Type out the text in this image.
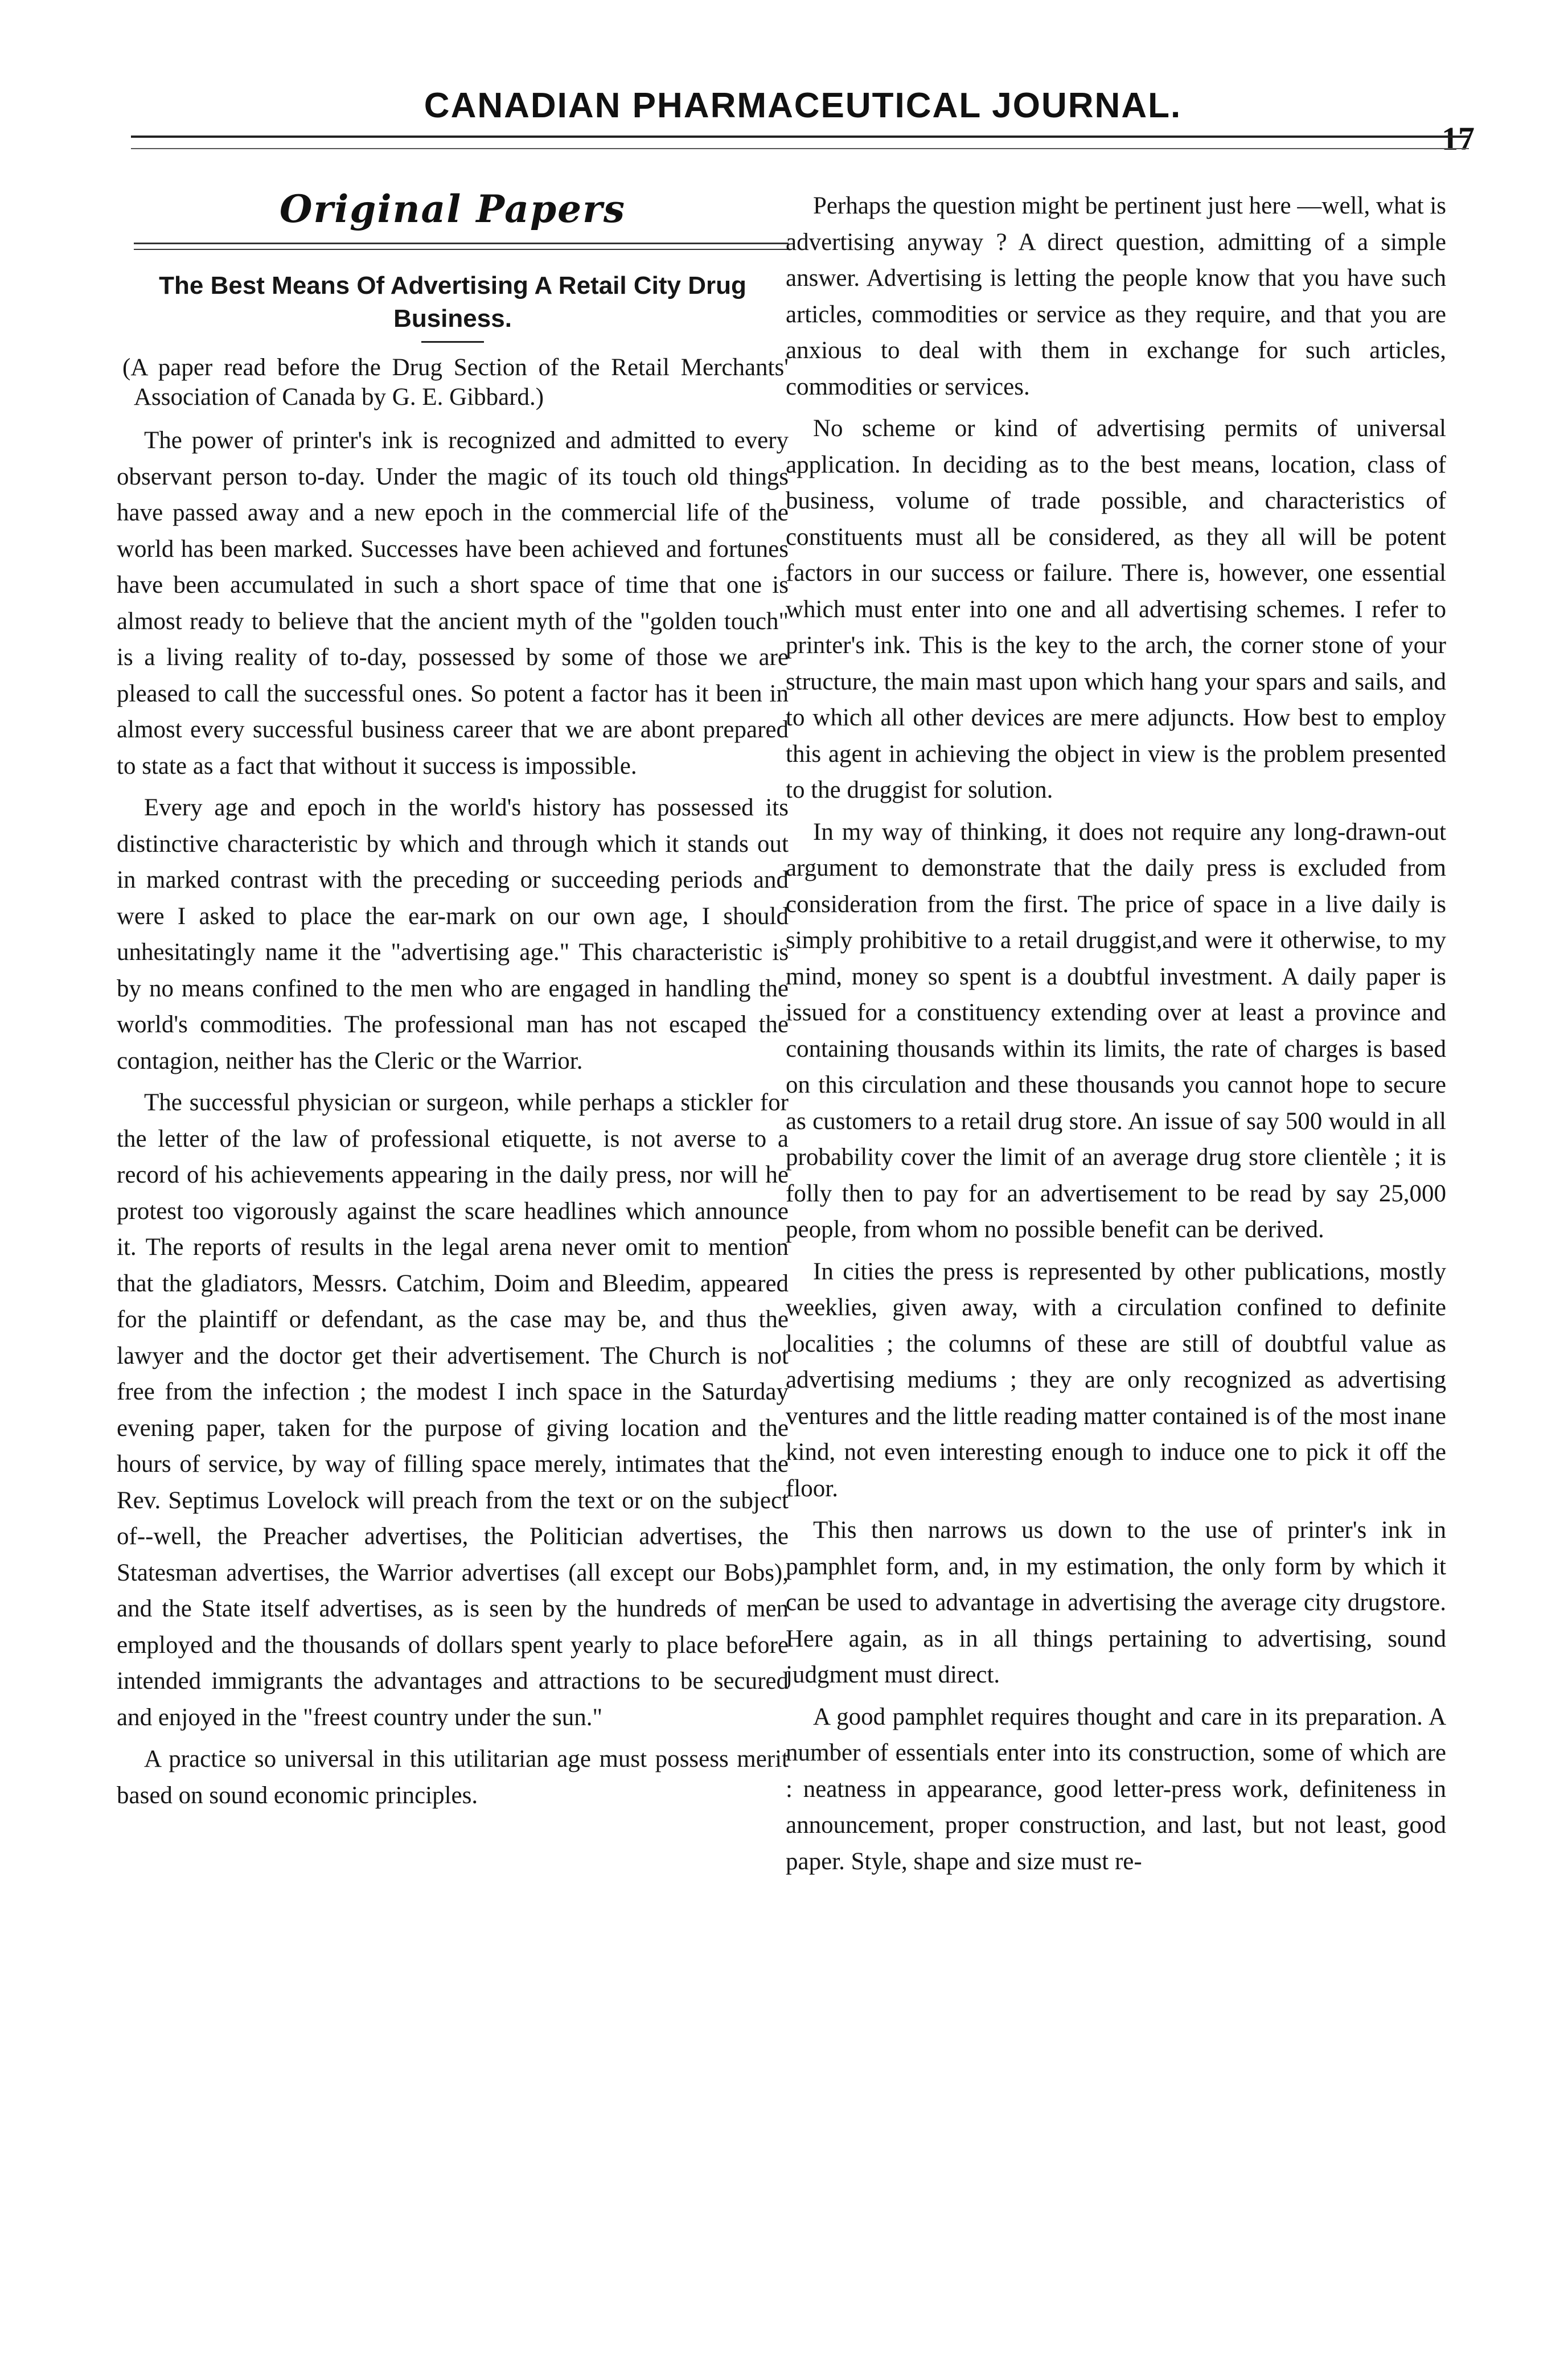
CANADIAN PHARMACEUTICAL JOURNAL.
17
Original Papers
The Best Means Of Advertising A Retail City Drug Business.
(A paper read before the Drug Section of the Retail Merchants' Association of Canada by G. E. Gibbard.)

The power of printer's ink is recognized and admitted to every observant person to-day. Under the magic of its touch old things have passed away and a new epoch in the commercial life of the world has been marked. Successes have been achieved and fortunes have been accumulated in such a short space of time that one is almost ready to believe that the ancient myth of the "golden touch" is a living reality of to-day, possessed by some of those we are pleased to call the successful ones. So potent a factor has it been in almost every successful business career that we are abont prepared to state as a fact that without it success is impossible.

Every age and epoch in the world's history has possessed its distinctive characteristic by which and through which it stands out in marked contrast with the preceding or succeeding periods and were I asked to place the ear-mark on our own age, I should unhesitatingly name it the "advertising age." This characteristic is by no means confined to the men who are engaged in handling the world's commodities. The professional man has not escaped the contagion, neither has the Cleric or the Warrior.

The successful physician or surgeon, while perhaps a stickler for the letter of the law of professional etiquette, is not averse to a record of his achievements appearing in the daily press, nor will he protest too vigorously against the scare headlines which announce it. The reports of results in the legal arena never omit to mention that the gladiators, Messrs. Catchim, Doim and Bleedim, appeared for the plaintiff or defendant, as the case may be, and thus the lawyer and the doctor get their advertisement. The Church is not free from the infection ; the modest I inch space in the Saturday evening paper, taken for the purpose of giving location and the hours of service, by way of filling space merely, intimates that the Rev. Septimus Lovelock will preach from the text or on the subject of--well, the Preacher advertises, the Politician advertises, the Statesman advertises, the Warrior advertises (all except our Bobs), and the State itself advertises, as is seen by the hundreds of men employed and the thousands of dollars spent yearly to place before intended immigrants the advantages and attractions to be secured and enjoyed in the "freest country under the sun."

A practice so universal in this utilitarian age must possess merit based on sound economic principles.

Perhaps the question might be pertinent just here —well, what is advertising anyway ? A direct question, admitting of a simple answer. Advertising is letting the people know that you have such articles, commodities or service as they require, and that you are anxious to deal with them in exchange for such articles, commodities or services.

No scheme or kind of advertising permits of universal application. In deciding as to the best means, location, class of business, volume of trade possible, and characteristics of constituents must all be considered, as they all will be potent factors in our success or failure. There is, however, one essential which must enter into one and all advertising schemes. I refer to printer's ink. This is the key to the arch, the corner stone of your structure, the main mast upon which hang your spars and sails, and to which all other devices are mere adjuncts. How best to employ this agent in achieving the object in view is the problem presented to the druggist for solution.

In my way of thinking, it does not require any long-drawn-out argument to demonstrate that the daily press is excluded from consideration from the first. The price of space in a live daily is simply prohibitive to a retail druggist,and were it otherwise, to my mind, money so spent is a doubtful investment. A daily paper is issued for a constituency extending over at least a province and containing thousands within its limits, the rate of charges is based on this circulation and these thousands you cannot hope to secure as customers to a retail drug store. An issue of say 500 would in all probability cover the limit of an average drug store clientèle ; it is folly then to pay for an advertisement to be read by say 25,000 people, from whom no possible benefit can be derived.

In cities the press is represented by other publications, mostly weeklies, given away, with a circulation confined to definite localities ; the columns of these are still of doubtful value as advertising mediums ; they are only recognized as advertising ventures and the little reading matter contained is of the most inane kind, not even interesting enough to induce one to pick it off the floor.

This then narrows us down to the use of printer's ink in pamphlet form, and, in my estimation, the only form by which it can be used to advantage in advertising the average city drugstore. Here again, as in all things pertaining to advertising, sound judgment must direct.

A good pamphlet requires thought and care in its preparation. A number of essentials enter into its construction, some of which are : neatness in appearance, good letter-press work, definiteness in announcement, proper construction, and last, but not least, good paper. Style, shape and size must re-
